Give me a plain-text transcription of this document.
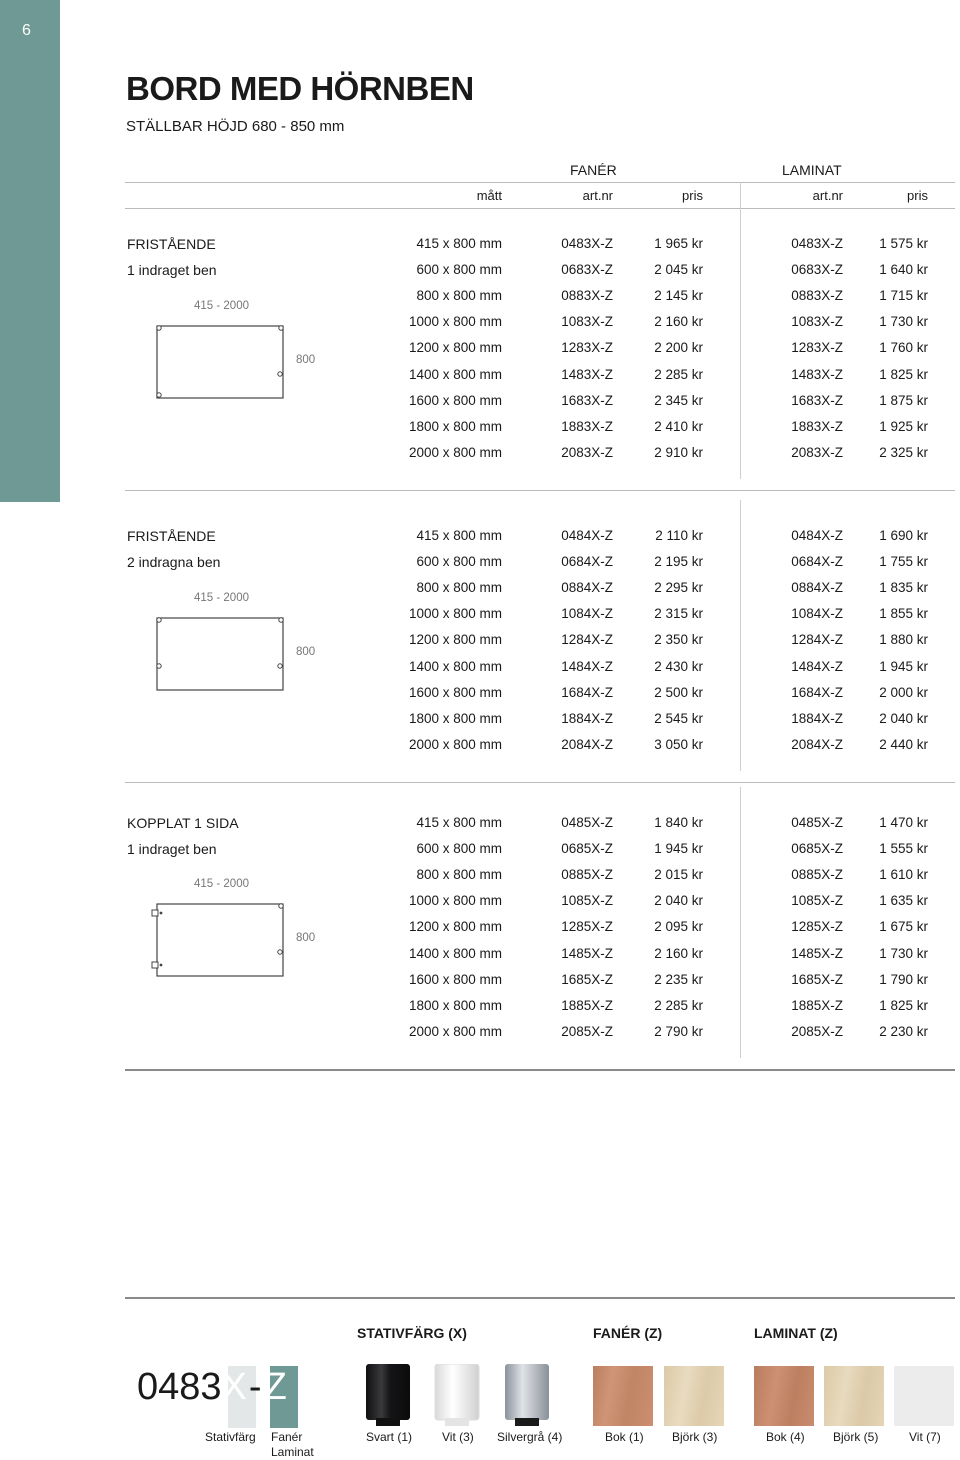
6
BORD MED HÖRNBEN
STÄLLBAR HÖJD 680 - 850 mm
FANÉR	LAMINAT
mått	art.nr	pris	art.nr	pris
FRISTÅENDE
1 indraget ben
415 x 800 mm	0483X-Z	1 965 kr	0483X-Z	1 575 kr
600 x 800 mm	0683X-Z	2 045 kr	0683X-Z	1 640 kr
800 x 800 mm	0883X-Z	2 145 kr	0883X-Z	1 715 kr
1000 x 800 mm	1083X-Z	2 160 kr	1083X-Z	1 730 kr
1200 x 800 mm	1283X-Z	2 200 kr	1283X-Z	1 760 kr
1400 x 800 mm	1483X-Z	2 285 kr	1483X-Z	1 825 kr
1600 x 800 mm	1683X-Z	2 345 kr	1683X-Z	1 875 kr
1800 x 800 mm	1883X-Z	2 410 kr	1883X-Z	1 925 kr
2000 x 800 mm	2083X-Z	2 910 kr	2083X-Z	2 325 kr
FRISTÅENDE
2 indragna ben
415 x 800 mm	0484X-Z	2 110 kr	0484X-Z	1 690 kr
600 x 800 mm	0684X-Z	2 195 kr	0684X-Z	1 755 kr
800 x 800 mm	0884X-Z	2 295 kr	0884X-Z	1 835 kr
1000 x 800 mm	1084X-Z	2 315 kr	1084X-Z	1 855 kr
1200 x 800 mm	1284X-Z	2 350 kr	1284X-Z	1 880 kr
1400 x 800 mm	1484X-Z	2 430 kr	1484X-Z	1 945 kr
1600 x 800 mm	1684X-Z	2 500 kr	1684X-Z	2 000 kr
1800 x 800 mm	1884X-Z	2 545 kr	1884X-Z	2 040 kr
2000 x 800 mm	2084X-Z	3 050 kr	2084X-Z	2 440 kr
KOPPLAT 1 SIDA
1 indraget ben
415 x 800 mm	0485X-Z	1 840 kr	0485X-Z	1 470 kr
600 x 800 mm	0685X-Z	1 945 kr	0685X-Z	1 555 kr
800 x 800 mm	0885X-Z	2 015 kr	0885X-Z	1 610 kr
1000 x 800 mm	1085X-Z	2 040 kr	1085X-Z	1 635 kr
1200 x 800 mm	1285X-Z	2 095 kr	1285X-Z	1 675 kr
1400 x 800 mm	1485X-Z	2 160 kr	1485X-Z	1 730 kr
1600 x 800 mm	1685X-Z	2 235 kr	1685X-Z	1 790 kr
1800 x 800 mm	1885X-Z	2 285 kr	1885X-Z	1 825 kr
2000 x 800 mm	2085X-Z	2 790 kr	2085X-Z	2 230 kr
415 - 2000
800
415 - 2000
800
415 - 2000
800
STATIVFÄRG (X)	FANÉR (Z)	LAMINAT (Z)
0483X-Z
Stativfärg Fanér
Laminat
Svart (1) Vit (3) Silvergrå (4)	Bok (1) Björk (3)	Bok (4) Björk (5)	Vit (7)
